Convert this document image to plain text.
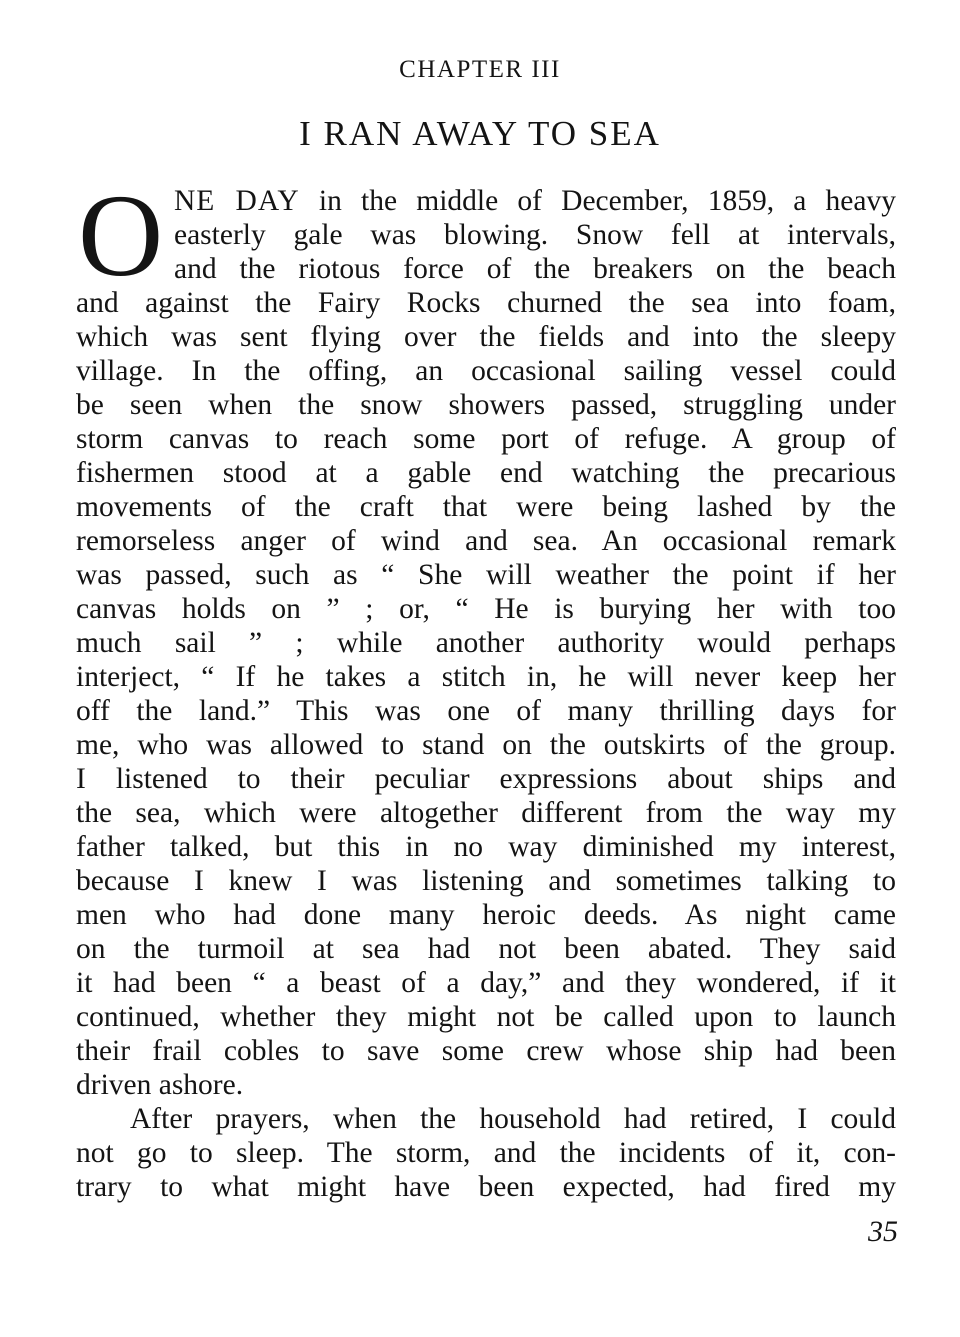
CHAPTER III
I RAN AWAY TO SEA
O NE DAY in the middle of December, 1859, a heavy
easterly gale was blowing. Snow fell at intervals,
and the riotous force of the breakers on the beach
and against the Fairy Rocks churned the sea into foam,
which was sent flying over the fields and into the sleepy
village. In the offing, an occasional sailing vessel could
be seen when the snow showers passed, struggling under
storm canvas to reach some port of refuge. A group of
fishermen stood at a gable end watching the precarious
movements of the craft that were being lashed by the
remorseless anger of wind and sea. An occasional remark
was passed, such as “ She will weather the point if her
canvas holds on ” ; or, “ He is burying her with too
much sail ” ; while another authority would perhaps
interject, “ If he takes a stitch in, he will never keep her
off the land.” This was one of many thrilling days for
me, who was allowed to stand on the outskirts of the group.
I listened to their peculiar expressions about ships and
the sea, which were altogether different from the way my
father talked, but this in no way diminished my interest,
because I knew I was listening and sometimes talking to
men who had done many heroic deeds. As night came
on the turmoil at sea had not been abated. They said
it had been “ a beast of a day,” and they wondered, if it
continued, whether they might not be called upon to launch
their frail cobles to save some crew whose ship had been
driven ashore.
After prayers, when the household had retired, I could
not go to sleep. The storm, and the incidents of it, con-
trary to what might have been expected, had fired my
35
